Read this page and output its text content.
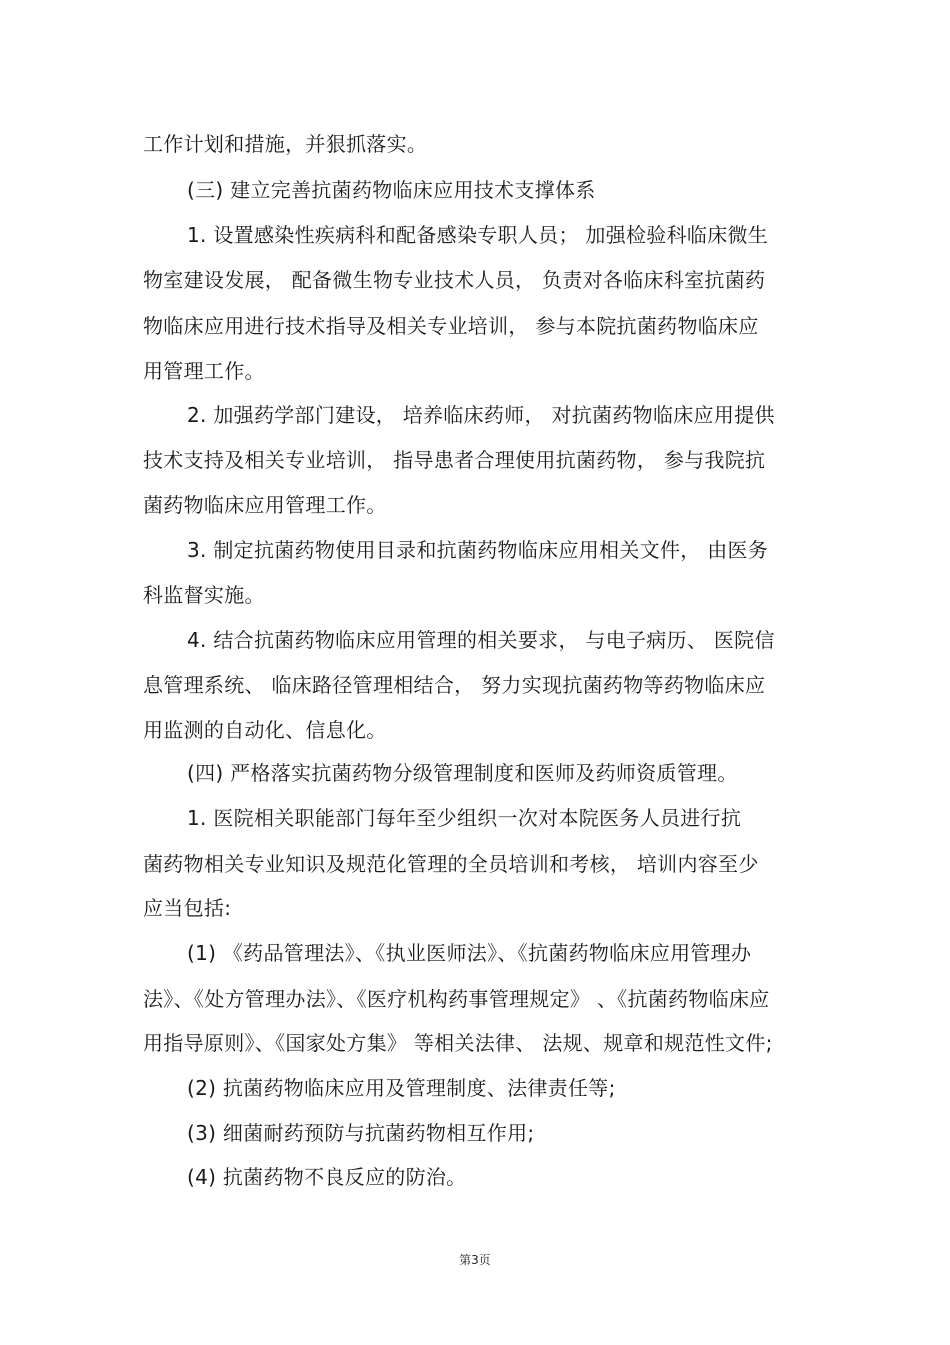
工作计划和措施，并狠抓落实。
(三) 建立完善抗菌药物临床应用技术支撑体系
1. 设置感染性疾病科和配备感染专职人员； 加强检验科临床微生
物室建设发展， 配备微生物专业技术人员， 负责对各临床科室抗菌药
物临床应用进行技术指导及相关专业培训， 参与本院抗菌药物临床应
用管理工作。
2. 加强药学部门建设， 培养临床药师， 对抗菌药物临床应用提供
技术支持及相关专业培训， 指导患者合理使用抗菌药物， 参与我院抗
菌药物临床应用管理工作。
3. 制定抗菌药物使用目录和抗菌药物临床应用相关文件， 由医务
科监督实施。
4. 结合抗菌药物临床应用管理的相关要求， 与电子病历、 医院信
息管理系统、 临床路径管理相结合， 努力实现抗菌药物等药物临床应
用监测的自动化、信息化。
(四) 严格落实抗菌药物分级管理制度和医师及药师资质管理。
1. 医院相关职能部门每年至少组织一次对本院医务人员进行抗
菌药物相关专业知识及规范化管理的全员培训和考核， 培训内容至少
应当包括:
(1) 《药品管理法》、《执业医师法》、《抗菌药物临床应用管理办
法》、《处方管理办法》、《医疗机构药事管理规定》 、《抗菌药物临床应
用指导原则》、《国家处方集》 等相关法律、 法规、规章和规范性文件;
(2) 抗菌药物临床应用及管理制度、法律责任等;
(3) 细菌耐药预防与抗菌药物相互作用;
(4) 抗菌药物不良反应的防治。
第3页
